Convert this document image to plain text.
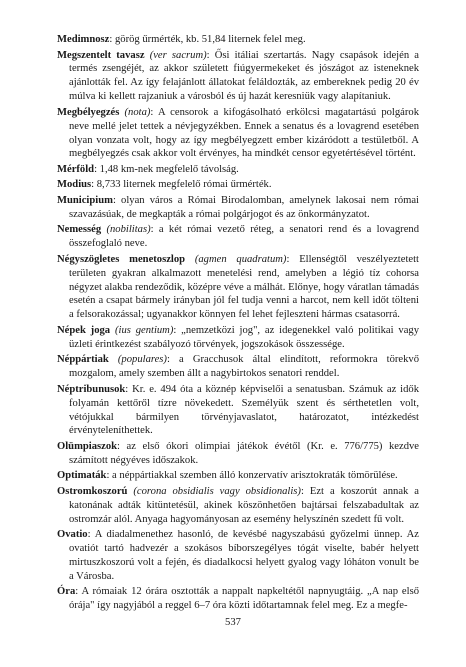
Medimnosz: görög űrmérték, kb. 51,84 liternek felel meg.

Megszentelt tavasz (ver sacrum): Ősi itáliai szertartás. Nagy csapások idején a termés zsengéjét, az akkor született fiúgyermekeket és jószágot az isteneknek ajánlották fel. Az így felajánlott állatokat feláldozták, az embereknek pedig 20 év múlva ki kellett rajzaniuk a városból és új hazát keresniük vagy alapítaniuk.

Megbélyegzés (nota): A censorok a kifogásolható erkölcsi magatartású polgárok neve mellé jelet tettek a névjegyzékben. Ennek a senatus és a lovagrend esetében olyan vonzata volt, hogy az így megbélyegzett ember kizáródott a testületből. A megbélyegzés csak akkor volt érvényes, ha mindkét censor egyetértésével történt.

Mérföld: 1,48 km-nek megfelelő távolság.

Modius: 8,733 liternek megfelelő római űrmérték.

Municipium: olyan város a Római Birodalomban, amelynek lakosai nem római szavazásúak, de megkapták a római polgárjogot és az önkormányzatot.

Nemesség (nobilitas): a két római vezető réteg, a senatori rend és a lovagrend összefoglaló neve.

Négyszögletes menetoszlop (agmen quadratum): Ellenségtől veszélyeztetett területen gyakran alkalmazott menetelési rend, amelyben a légió tíz cohorsa négyzet alakba rendeződik, középre véve a málhát. Előnye, hogy váratlan támadás esetén a csapat bármely irányban jól fel tudja venni a harcot, nem kell időt tölteni a felsorakozással; ugyanakkor könnyen fel lehet fejleszteni hármas csatasorrá.

Népek joga (ius gentium): „nemzetközi jog", az idegenekkel való politikai vagy üzleti érintkezést szabályozó törvények, jogszokások összessége.

Néppártiak (populares): a Gracchusok által elindított, reformokra törekvő mozgalom, amely szemben állt a nagybirtokos senatori renddel.

Néptribunusok: Kr. e. 494 óta a köznép képviselői a senatusban. Számuk az idők folyamán kettőről tízre növekedett. Személyük szent és sérthetetlen volt, vétójukkal bármilyen törvényjavaslatot, határozatot, intézkedést érvényteleníthettek.

Olümpiaszok: az első ókori olimpiai játékok évétől (Kr. e. 776/775) kezdve számított négyéves időszakok.

Optimaták: a néppártiakkal szemben álló konzervatív arisztokraták tömörülése.

Ostromkoszorú (corona obsidialis vagy obsidionalis): Ezt a koszorút annak a katonának adták kitüntetésül, akinek köszönhetően bajtársai felszabadultak az ostromzár alól. Anyaga hagyományosan az esemény helyszínén szedett fű volt.

Ovatio: A diadalmenethez hasonló, de kevésbé nagyszabású győzelmi ünnep. Az ovatiót tartó hadvezér a szokásos bíborszegélyes tógát viselte, babér helyett mirtuszkoszorú volt a fején, és diadalkocsi helyett gyalog vagy lóháton vonult be a Városba.

Óra: A rómaiak 12 órára osztották a nappalt napkeltétől napnyugtáig. „A nap első órája" így nagyjából a reggel 6–7 óra közti időtartamnak felel meg. Ez a megfe-

537
